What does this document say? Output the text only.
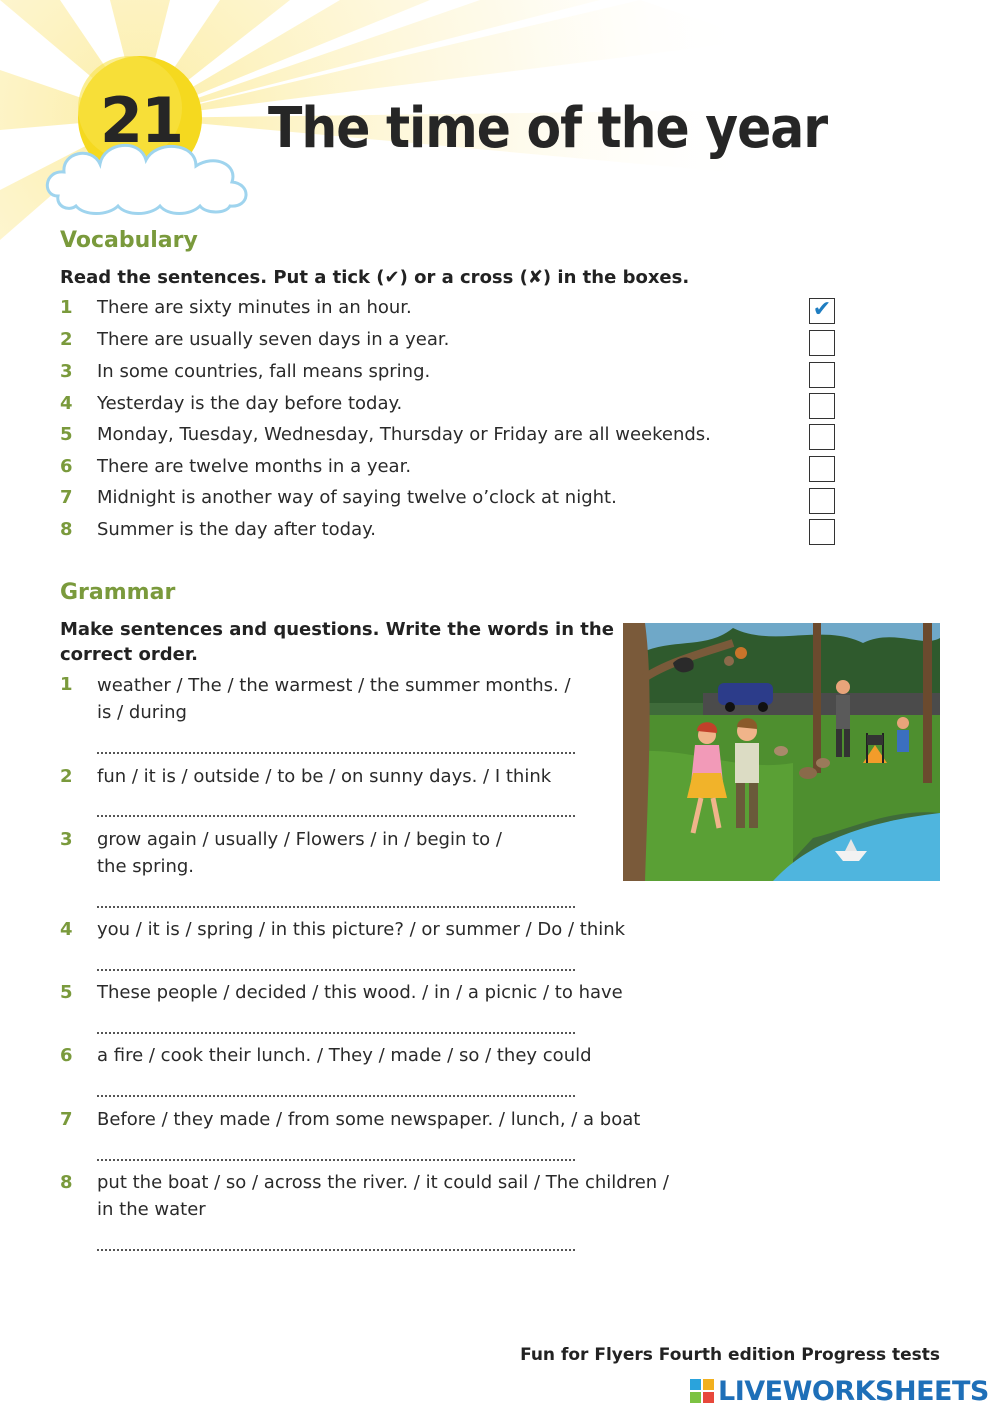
21 The time of the year
Vocabulary
Read the sentences. Put a tick (✔) or a cross (✘) in the boxes.
1 There are sixty minutes in an hour.	✔
2 There are usually seven days in a year.
3 In some countries, fall means spring.
4 Yesterday is the day before today.
5 Monday, Tuesday, Wednesday, Thursday or Friday are all weekends.
6 There are twelve months in a year.
7 Midnight is another way of saying twelve o’clock at night.
8 Summer is the day after today.
Grammar
Make sentences and questions. Write the words in the
correct order.
1 weather / The / the warmest / the summer months. /
is / during
2 fun / it is / outside / to be / on sunny days. / I think
3 grow again / usually / Flowers / in / begin to /
the spring.
4 you / it is / spring / in this picture? / or summer / Do / think
5 These people / decided / this wood. / in / a picnic / to have
6 a fire / cook their lunch. / They / made / so / they could
7 Before / they made / from some newspaper. / lunch, / a boat
8 put the boat / so / across the river. / it could sail / The children /
in the water
Fun for Flyers Fourth edition Progress tests
LIVEWORKSHEETS
